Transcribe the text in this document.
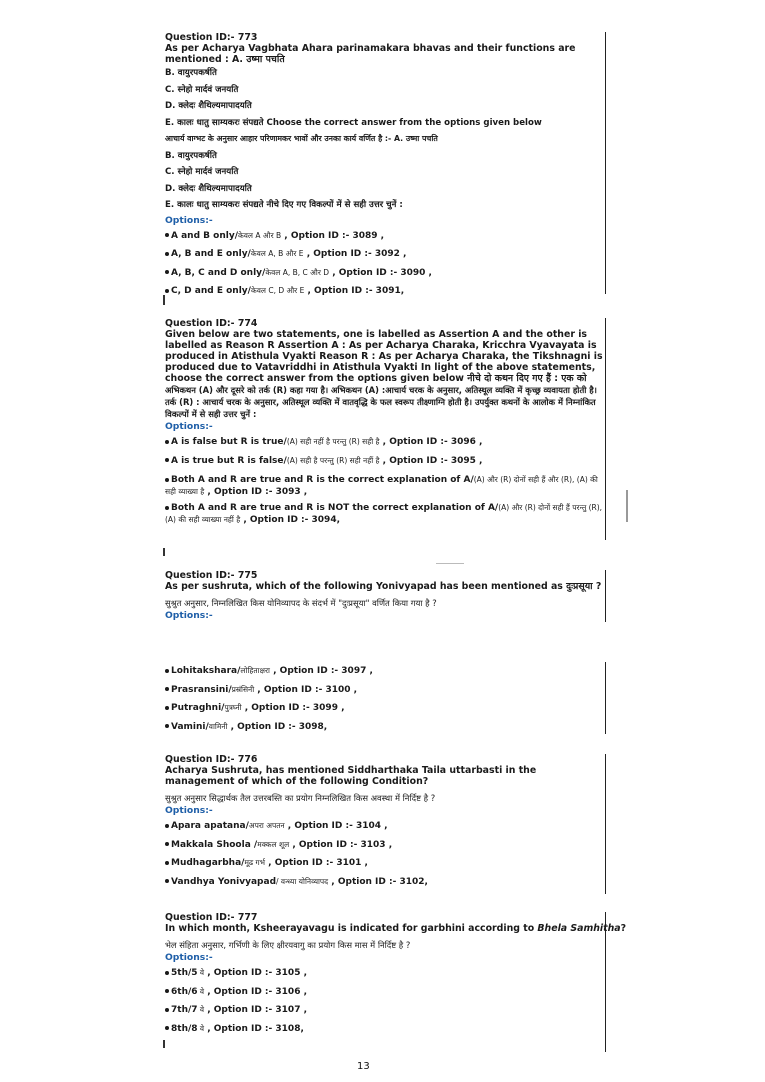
Question ID:- 773
As per Acharya Vagbhata Ahara parinamakara bhavas and their functions are mentioned : A. उष्मा पचति
B. वायुरपकर्षति
C. स्नेहो मार्दवं जनयति
D. क्लेदः शैथिल्यमापादयति
E. कालः धातु साम्यकरः संपद्यते Choose the correct answer from the options given below
आचार्य वाग्भट के अनुसार आहार परिणामकर भावों और उनका कार्य वर्णित है :- A. उष्मा पचति
B. वायुरपकर्षति
C. स्नेहो मार्दवं जनयति
D. क्लेदः शैथिल्यमापादयति
E. कालः धातु साम्यकरः संपद्यते नीचे दिए गए विकल्पों में से सही उत्तर चुनें :
Options:-
A and B only/केवल A और B , Option ID :- 3089 ,
A, B and E only/केवल A, B और E , Option ID :- 3092 ,
A, B, C and D only/केवल A, B, C और D , Option ID :- 3090 ,
C, D and E only/केवल C, D और E , Option ID :- 3091,
Question ID:- 774
Given below are two statements, one is labelled as Assertion A and the other is labelled as Reason R Assertion A : As per Acharya Charaka, Kricchra Vyavayata is produced in Atisthula Vyakti Reason R : As per Acharya Charaka, the Tikshnagni is produced due to Vatavriddhi in Atisthula Vyakti In light of the above statements, choose the correct answer from the options given below नीचे दो कथन दिए गए हैं : एक को
अभिकथन (A) और दूसरे को तर्क (R) कहा गया है। अभिकथन (A) :आचार्य चरक के अनुसार, अतिस्थूल व्यक्ति में कृच्छ्र व्यवायता होती है। तर्क (R) : आचार्य चरक के अनुसार, अतिस्थूल व्यक्ति में वातवृद्धि के फल स्वरूप तीक्ष्णाग्नि होती है। उपर्युक्त कथनों के आलोक में निम्नांकित विकल्पों में से सही उत्तर चुनें :
Options:-
A is false but R is true/(A) सही नहीं है परन्तु (R) सही है , Option ID :- 3096 ,
A is true but R is false/(A) सही है परन्तु (R) सही नहीं है , Option ID :- 3095 ,
Both A and R are true and R is the correct explanation of A/(A) और (R) दोनों सही हैं और (R), (A) की सही व्याख्या है , Option ID :- 3093 ,
Both A and R are true and R is NOT the correct explanation of A/(A) और (R) दोनों सही हैं परन्तु (R), (A) की सही व्याख्या नहीं है , Option ID :- 3094,
Question ID:- 775
As per sushruta, which of the following Yonivyapad has been mentioned as दुःप्रसूया ?
सुश्रुत अनुसार, निम्नलिखित किस योनिव्यापद के संदर्भ में "दुःप्रसूया" वर्णित किया गया है ?
Options:-
Lohitakshara/लोहिताक्षरा , Option ID :- 3097 ,
Prasransini/प्रस्रंसिनी , Option ID :- 3100 ,
Putraghni/पुत्रघ्नी , Option ID :- 3099 ,
Vamini/वामिनी , Option ID :- 3098,
Question ID:- 776
Acharya Sushruta, has mentioned Siddharthaka Taila uttarbasti in the management of which of the following Condition?
सुश्रुत अनुसार सिद्धार्थक तैल उत्तरबस्ति का प्रयोग निम्नलिखित किस अवस्था में निर्दिष्ट है ?
Options:-
Apara apatana/अपरा अपतन , Option ID :- 3104 ,
Makkala Shoola /मक्कल शूल , Option ID :- 3103 ,
Mudhagarbha/मूढ गर्भ , Option ID :- 3101 ,
Vandhya Yonivyapad/ वन्ध्या योनिव्यापद , Option ID :- 3102,
Question ID:- 777
In which month, Ksheerayavagu is indicated for garbhini according to Bhela Samhitha?
भेल संहिता अनुसार, गर्भिणी के लिए क्षीरयवागु का प्रयोग किस मास में निर्दिष्ट है ?
Options:-
5th/5 वे , Option ID :- 3105 ,
6th/6 वे , Option ID :- 3106 ,
7th/7 वे , Option ID :- 3107 ,
8th/8 वे , Option ID :- 3108,
13
